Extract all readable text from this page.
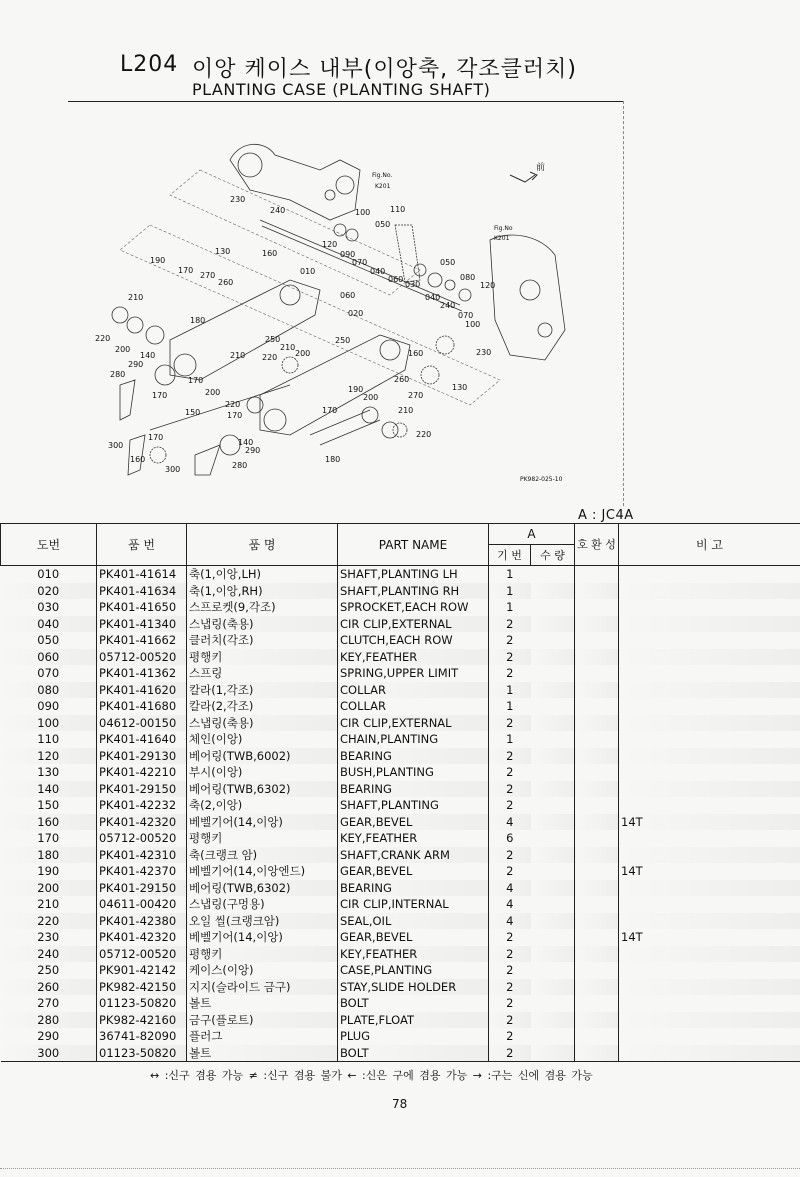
L204 이앙 케이스 내부(이앙축, 각조클러치)
PLANTING CASE (PLANTING SHAFT)
230
240	100 110
050
120
090
070
040
060
030
050
080
120
040
240
070
100
230
190
170
270
260
130	160
010
060
020
210
180
220
200
140
250
220
210
200
210
250
160
280
290
170
200
220
150	170
170
260
130
190
200	270
170	210
220
300
170
160
140
290
180
280
300
Fig.No.
K201
Fig.No
K201
前
PK982-025-10
A : JC4A
도번	품 번	품 명	PART NAME	A		호 환 성	비 고
				기 번	수 량		
010	PK401-41614	축(1,이앙,LH)	SHAFT,PLANTING LH	1			
020	PK401-41634	축(1,이앙,RH)	SHAFT,PLANTING RH	1			
030	PK401-41650	스프로켓(9,각조)	SPROCKET,EACH ROW	1			
040	PK401-41340	스냅링(축용)	CIR CLIP,EXTERNAL	2			
050	PK401-41662	클러치(각조)	CLUTCH,EACH ROW	2			
060	05712-00520	평행키	KEY,FEATHER	2			
070	PK401-41362	스프링	SPRING,UPPER LIMIT	2			
080	PK401-41620	칼라(1,각조)	COLLAR	1			
090	PK401-41680	칼라(2,각조)	COLLAR	1			
100	04612-00150	스냅링(축용)	CIR CLIP,EXTERNAL	2			
110	PK401-41640	체인(이앙)	CHAIN,PLANTING	1			
120	PK401-29130	베어링(TWB,6002)	BEARING	2			
130	PK401-42210	부시(이앙)	BUSH,PLANTING	2			
140	PK401-29150	베어링(TWB,6302)	BEARING	2			
150	PK401-42232	축(2,이앙)	SHAFT,PLANTING	2			
160	PK401-42320	베벨기어(14,이앙)	GEAR,BEVEL	4			14T
170	05712-00520	평행키	KEY,FEATHER	6			
180	PK401-42310	축(크랭크 암)	SHAFT,CRANK ARM	2			
190	PK401-42370	베벨기어(14,이앙엔드)	GEAR,BEVEL	2			14T
200	PK401-29150	베어링(TWB,6302)	BEARING	4			
210	04611-00420	스냅링(구멍용)	CIR CLIP,INTERNAL	4			
220	PK401-42380	오일 씰(크랭크암)	SEAL,OIL	4			
230	PK401-42320	베벨기어(14,이앙)	GEAR,BEVEL	2			14T
240	05712-00520	평행키	KEY,FEATHER	2			
250	PK901-42142	케이스(이앙)	CASE,PLANTING	2			
260	PK982-42150	지지(슬라이드 금구)	STAY,SLIDE HOLDER	2			
270	01123-50820	볼트	BOLT	2			
280	PK982-42160	금구(플로트)	PLATE,FLOAT	2			
290	36741-82090	플러그	PLUG	2			
300	01123-50820	볼트	BOLT	2			
↔ :신구 겸용 가능 ≠ :신구 겸용 불가 ← :신은 구에 겸용 가능 → :구는 신에 겸용 가능
78
